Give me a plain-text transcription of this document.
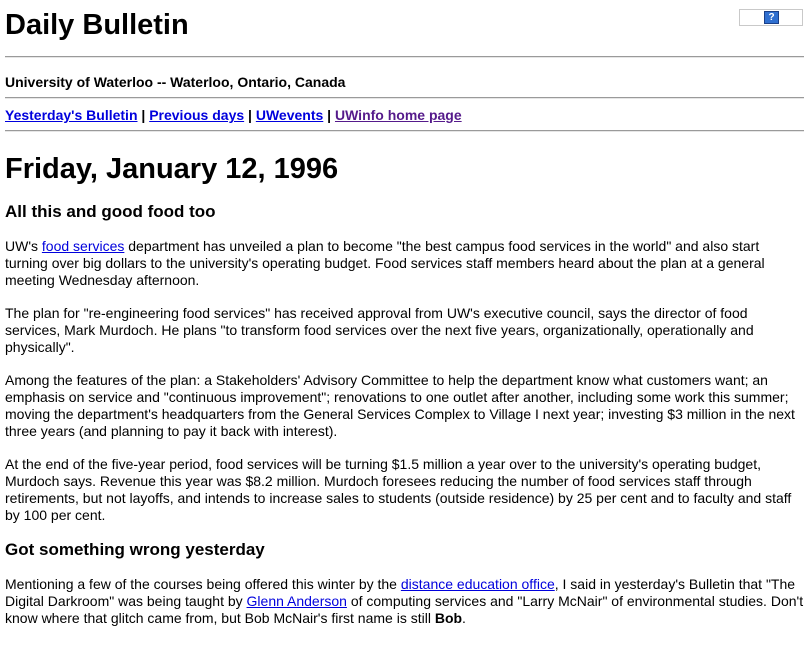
Daily Bulletin	?
University of Waterloo -- Waterloo, Ontario, Canada
Yesterday's Bulletin | Previous days | UWevents | UWinfo home page
Friday, January 12, 1996
All this and good food too

UW's food services department has unveiled a plan to become "the best campus food services in the world" and also start turning over big dollars to the university's operating budget. Food services staff members heard about the plan at a general meeting Wednesday afternoon.

The plan for "re-engineering food services" has received approval from UW's executive council, says the director of food services, Mark Murdoch. He plans "to transform food services over the next five years, organizationally, operationally and physically".

Among the features of the plan: a Stakeholders' Advisory Committee to help the department know what customers want; an emphasis on service and "continuous improvement"; renovations to one outlet after another, including some work this summer; moving the department's headquarters from the General Services Complex to Village I next year; investing $3 million in the next three years (and planning to pay it back with interest).

At the end of the five-year period, food services will be turning $1.5 million a year over to the university's operating budget, Murdoch says. Revenue this year was $8.2 million. Murdoch foresees reducing the number of food services staff through retirements, but not layoffs, and intends to increase sales to students (outside residence) by 25 per cent and to faculty and staff by 100 per cent.

Got something wrong yesterday

Mentioning a few of the courses being offered this winter by the distance education office, I said in yesterday's Bulletin that "The Digital Darkroom" was being taught by Glenn Anderson of computing services and "Larry McNair" of environmental studies. Don't know where that glitch came from, but Bob McNair's first name is still Bob.
